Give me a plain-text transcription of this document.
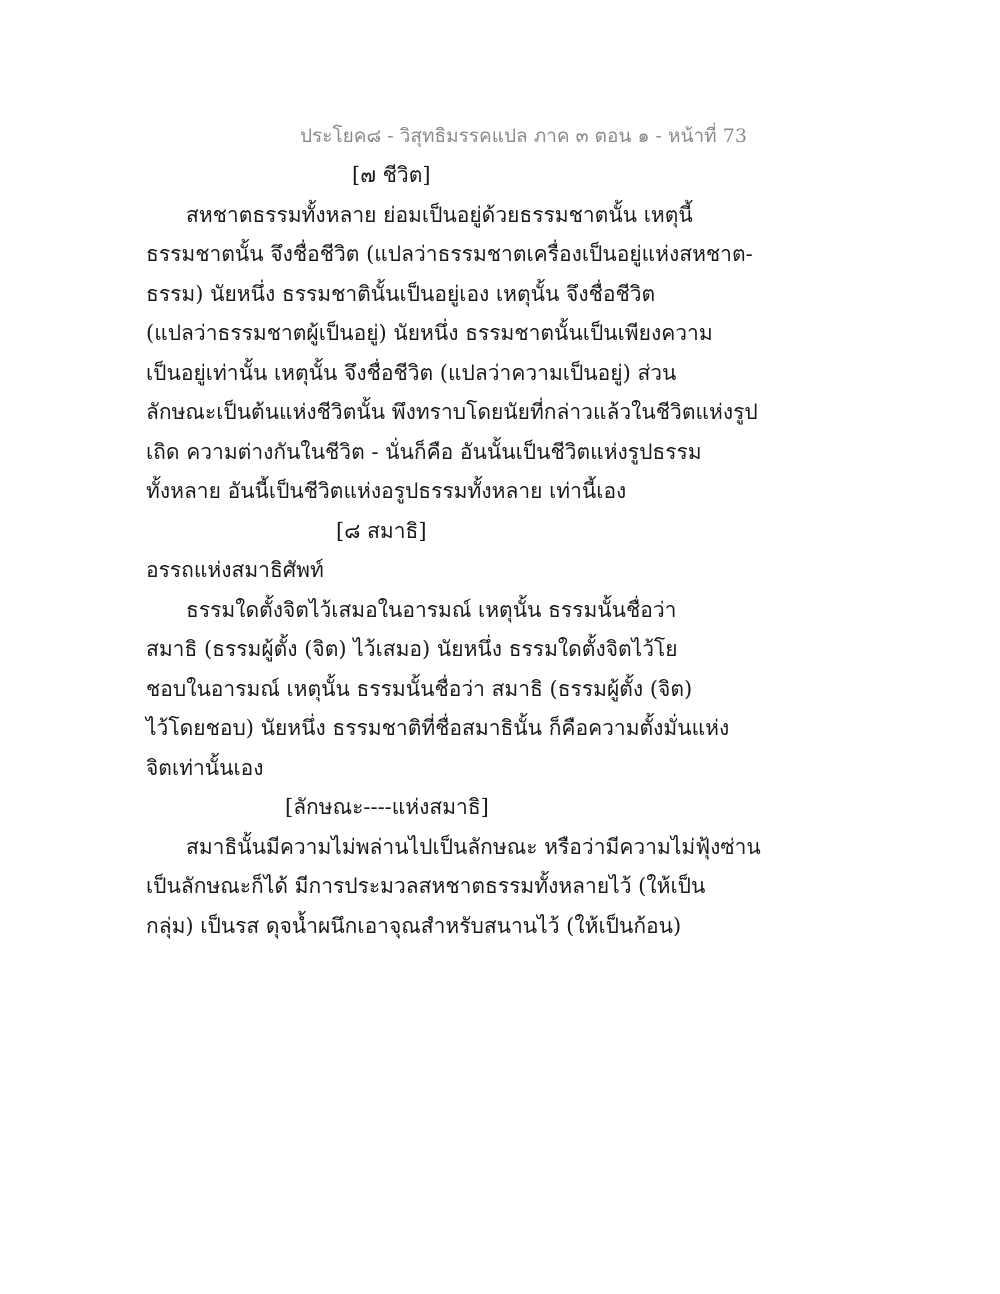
ประโยค๘ - วิสุทธิมรรคแปล ภาค ๓ ตอน ๑ - หน้าที่ 73
[๗ ชีวิต]
สหชาตธรรมทั้งหลาย ย่อมเป็นอยู่ด้วยธรรมชาตนั้น เหตุนี้
ธรรมชาตนั้น จึงชื่อชีวิต (แปลว่าธรรมชาตเครื่องเป็นอยู่แห่งสหชาต-
ธรรม) นัยหนึ่ง ธรรมชาตินั้นเป็นอยู่เอง เหตุนั้น จึงชื่อชีวิต
(แปลว่าธรรมชาตผู้เป็นอยู่) นัยหนึ่ง ธรรมชาตนั้นเป็นเพียงความ
เป็นอยู่เท่านั้น เหตุนั้น จึงชื่อชีวิต (แปลว่าความเป็นอยู่) ส่วน
ลักษณะเป็นต้นแห่งชีวิตนั้น พึงทราบโดยนัยที่กล่าวแล้วในชีวิตแห่งรูป
เถิด ความต่างกันในชีวิต - นั่นก็คือ อันนั้นเป็นชีวิตแห่งรูปธรรม
ทั้งหลาย อันนี้เป็นชีวิตแห่งอรูปธรรมทั้งหลาย เท่านี้เอง
[๘ สมาธิ]
อรรถแห่งสมาธิศัพท์
ธรรมใดตั้งจิตไว้เสมอในอารมณ์ เหตุนั้น ธรรมนั้นชื่อว่า
สมาธิ (ธรรมผู้ตั้ง (จิต) ไว้เสมอ) นัยหนึ่ง ธรรมใดตั้งจิตไว้โย
ชอบในอารมณ์ เหตุนั้น ธรรมนั้นชื่อว่า สมาธิ (ธรรมผู้ตั้ง (จิต)
ไว้โดยชอบ) นัยหนึ่ง ธรรมชาติที่ชื่อสมาธินั้น ก็คือความตั้งมั่นแห่ง
จิตเท่านั้นเอง
[ลักษณะ----แห่งสมาธิ]
สมาธินั้นมีความไม่พล่านไปเป็นลักษณะ หรือว่ามีความไม่ฟุ้งซ่าน
เป็นลักษณะก็ได้ มีการประมวลสหชาตธรรมทั้งหลายไว้ (ให้เป็น
กลุ่ม) เป็นรส ดุจน้ำผนึกเอาจุณสำหรับสนานไว้ (ให้เป็นก้อน)
